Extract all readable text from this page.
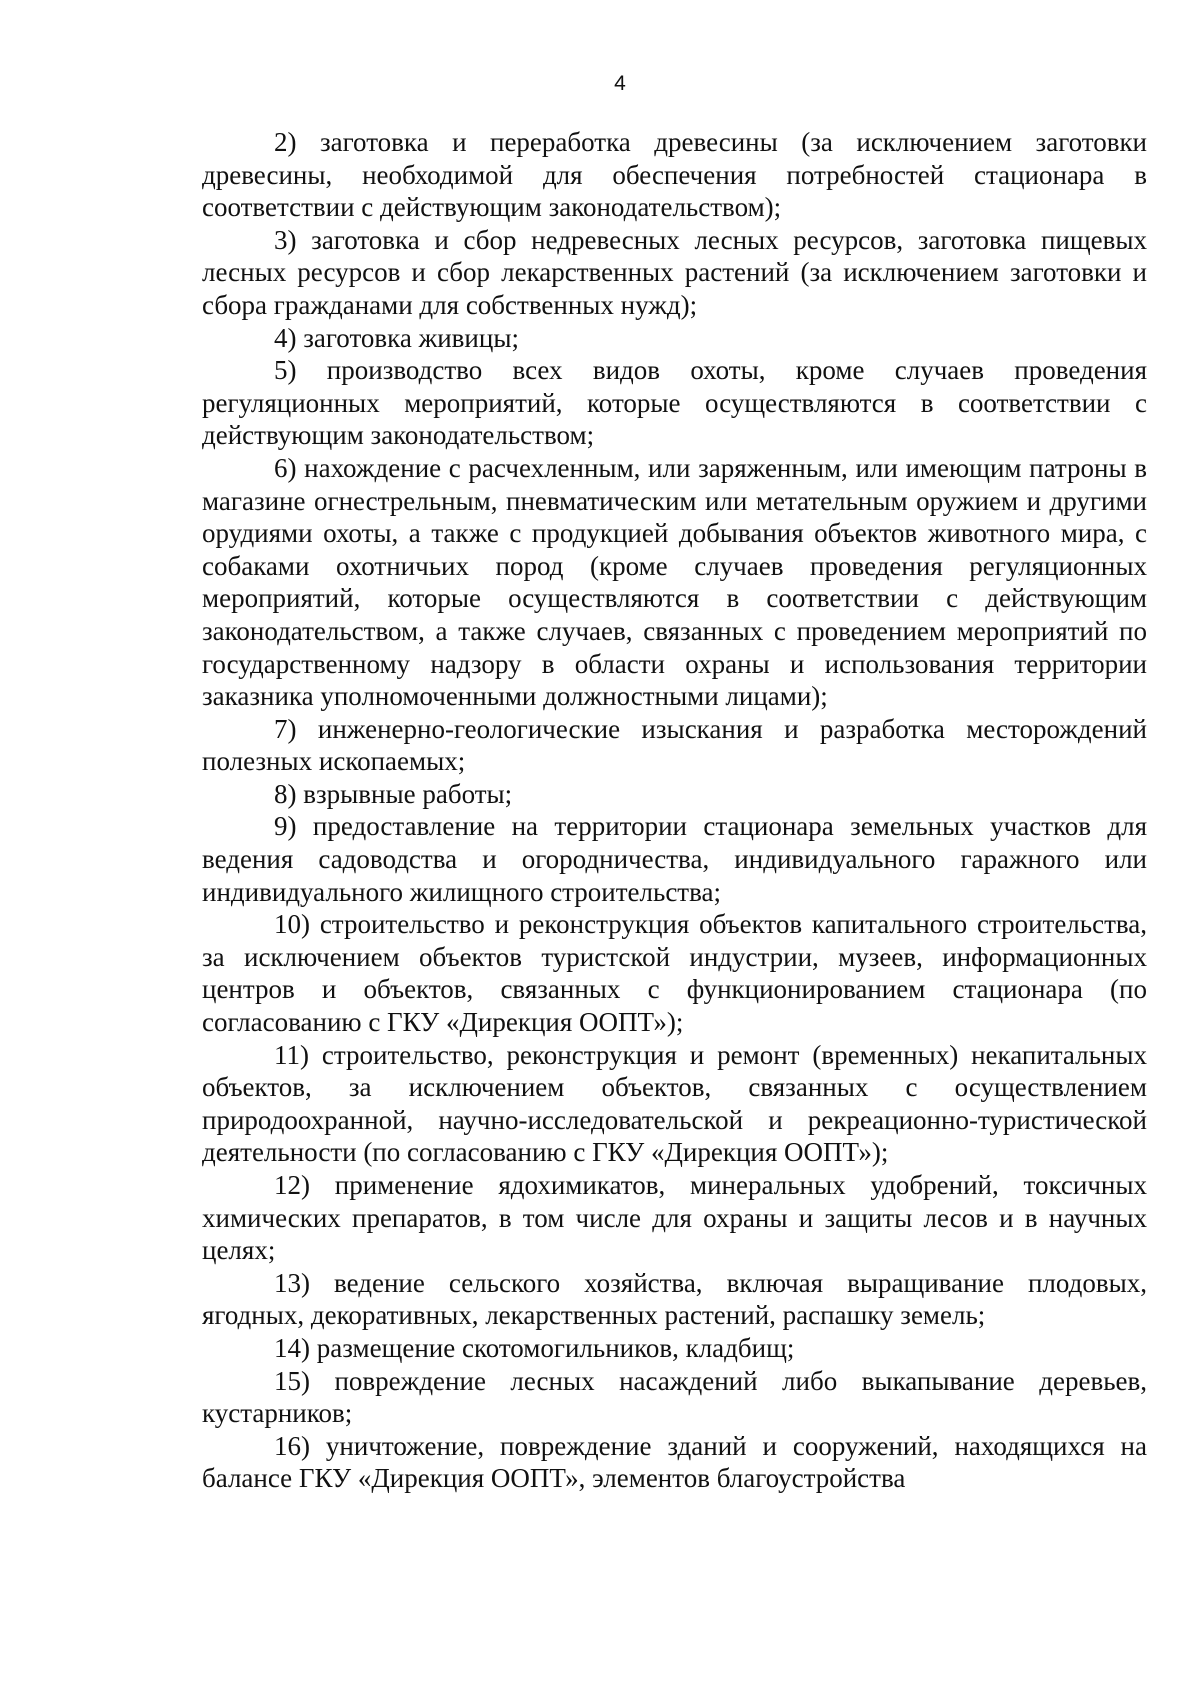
4

2) заготовка и переработка древесины (за исключением заготовки древесины, необходимой для обеспечения потребностей стационара в соответствии с действующим законодательством);

3) заготовка и сбор недревесных лесных ресурсов, заготовка пищевых лесных ресурсов и сбор лекарственных растений (за исключением заготовки и сбора гражданами для собственных нужд);

4) заготовка живицы;

5) производство всех видов охоты, кроме случаев проведения регуляционных мероприятий, которые осуществляются в соответствии с действующим законодательством;

6) нахождение с расчехленным, или заряженным, или имеющим патроны в магазине огнестрельным, пневматическим или метательным оружием и другими орудиями охоты, а также с продукцией добывания объектов животного мира, с собаками охотничьих пород (кроме случаев проведения регуляционных мероприятий, которые осуществляются в соответствии с действующим законодательством, а также случаев, связанных с проведением мероприятий по государственному надзору в области охраны и использования территории заказника уполномоченными должностными лицами);

7) инженерно-геологические изыскания и разработка месторождений полезных ископаемых;

8) взрывные работы;

9) предоставление на территории стационара земельных участков для ведения садоводства и огородничества, индивидуального гаражного или индивидуального жилищного строительства;

10) строительство и реконструкция объектов капитального строительства, за исключением объектов туристской индустрии, музеев, информационных центров и объектов, связанных с функционированием стационара (по согласованию с ГКУ «Дирекция ООПТ»);

11) строительство, реконструкция и ремонт (временных) некапитальных объектов, за исключением объектов, связанных с осуществлением природоохранной, научно-исследовательской и рекреационно-туристической деятельности (по согласованию с ГКУ «Дирекция ООПТ»);

12) применение ядохимикатов, минеральных удобрений, токсичных химических препаратов, в том числе для охраны и защиты лесов и в научных целях;

13) ведение сельского хозяйства, включая выращивание плодовых, ягодных, декоративных, лекарственных растений, распашку земель;

14) размещение скотомогильников, кладбищ;

15) повреждение лесных насаждений либо выкапывание деревьев, кустарников;

16) уничтожение, повреждение зданий и сооружений, находящихся на балансе ГКУ «Дирекция ООПТ», элементов благоустройства
